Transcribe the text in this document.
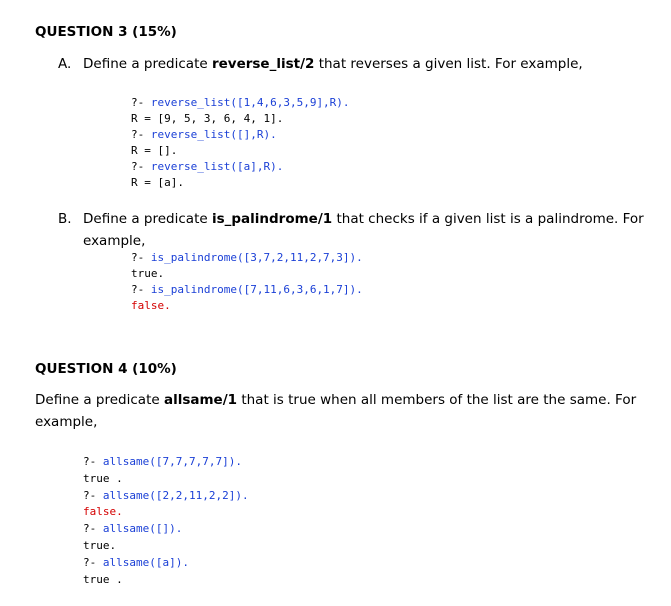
QUESTION 3 (15%)
A. Define a predicate reverse_list/2 that reverses a given list. For example,
?- reverse_list([1,4,6,3,5,9],R).
R = [9, 5, 3, 6, 4, 1].
?- reverse_list([],R).
R = [].
?- reverse_list([a],R).
R = [a].
B. Define a predicate is_palindrome/1 that checks if a given list is a palindrome. For
example,
?- is_palindrome([3,7,2,11,2,7,3]).
true.
?- is_palindrome([7,11,6,3,6,1,7]).
false.
QUESTION 4 (10%)
Define a predicate allsame/1 that is true when all members of the list are the same. For
example,
?- allsame([7,7,7,7,7]).
true .
?- allsame([2,2,11,2,2]).
false.
?- allsame([]).
true.
?- allsame([a]).
true .
